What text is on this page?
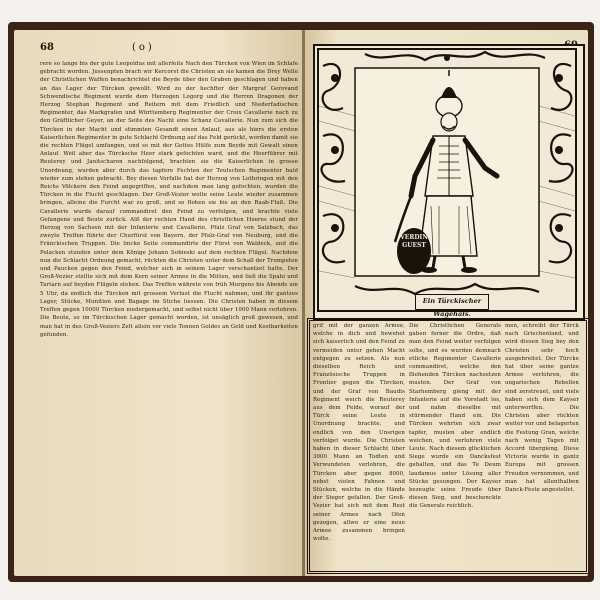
68	(o)
rere so lange bis der gute Leopoldus mit allerfeits Nach den Türcken von Wien im Schlafe gebracht worden. Jussenpten brach wir Kercorst die Christen an sie kamen die Drey Welle der Christlichen Waffen benachrichtet die Beyde über den Graben geschlagen und haben an das Lager der Türcken gewollt. Wird zu der hechfter der Margraf Gerovand Schwendische Regiment wurde dem Herzogen Logorg und die Herren Dragonen der Herzog Stephan Regiment und Reitern mit dem Friedlich und Niederfadischen Regimenter, das Markgrafen und Württemberg Regimenter der Croix Cavallerie nach zu den Gräftlicher Geyer, an der Seite des Nacht eine Schanz Cavallerie. Nun zum sich die Türcken in der Macht und stimmten Gesandt einen Anlauf, aus als hiers die ersten Kaiserlichen Regimenter in gute Schlacht Ordnung auf das Feld gerückt, worden damit sie die rechten Flügel umfangen, und so mit der Gottes Hülfe zum Beyde mit Gewalt einen Anlauf. Weil aber das Türcksche Heer stark gefochten ward, und die Heerführer mit Reuterey und Janitscharen nachfolgend, brachten sie die Kaiserlichen in grosse Unordnung, wurden aber durch das tapfere Fechten der Teutschen Regimenter bald wieder zum stehen gebracht. Bey diesen Vorfalle hat der Herzog von Lothringen mit den Reichs Völckern den Feind angegriffen, und nachdem man lang gefochten, wurden die Türcken in die Flucht geschlagen. Der Groß-Vezier wolte seine Leute wieder zusammen bringen, alleine die Furcht war zu groß, und so flohen sie bis an den Raab-Fluß. Die Cavallerie wurde darauf commandiret den Feind zu verfolgen, und brachte viele Gefangene und Beute zurück. Alß der rechten Hand des christlichen Heeres stund der Herzog von Sachsen mit der Infanterie und Cavallerie, Pfalz Graf von Salzbach, das zweyte Treffen führte der Churfürst von Bayern, der Pfalz-Graf von Neuburg, und die Fränckischen Truppen. Die lincke Seite commandirte der Fürst von Waldeck, und die Polacken stunden unter dem Könige Johann Sobieski auf dem rechten Flügel. Nachdem nun die Schlacht Ordnung gemacht, rückten die Christen unter dem Schall der Trompeten und Paucken gegen den Feind, welcher sich in seinem Lager verschantzet hatte. Der Groß-Vezier stellte sich mit dem Kern seiner Armee in die Mitten, und ließ die Spahi und Tartarn auf beyden Flügeln stehen. Das Treffen währete von früh Morgens bis Abends um 5 Uhr, da endlich die Türcken mit grossem Verlust die Flucht nahmen, und ihr gantzes Lager, Stücke, Munition und Bagage im Stiche liessen. Die Christen haben in diesem Treffen gegen 10000 Türcken niedergemacht, und selbst nicht über 1000 Mann verlohren. Die Beute, so im Türckischen Lager gemacht worden, ist unsäglich groß gewesen, und man hat in des Groß-Veziers Zelt allein vor viele Tonnen Goldes an Geld und Kostbarkeiten gefunden.
VERDIN GUEST
Ein Türckischer Wagehals.
grif mit der ganzen Armee, welche in dich und bewehet sich kaiserlich und den Feind zu vermeiden unter gehen Macht entgegen zu setzen. Als nun dieselben Reich und Französische Truppen in Frontier gegen die Türcken, und der Graf von Baudis Regiment weich die Reuterey aus dem Felde, worauf der Türck seine Leute in Unordnung brachte, und endlich von den Unsrigen verfolget wurde. Die Christen haben in dieser Schlacht über 3000 Mann an Todten und Verwundeten verlohren, die Türcken aber gegen 8000, nebst vielen Fahnen und Stücken, welche in die Hände der Sieger gefallen. Der Groß-Vezier hat sich mit dem Rest seiner Armee nach Ofen gezogen, allwo er eine neue Armee zusammen bringen wolte.
Die Christlichen Generals gaben ferner die Ordre, daß man den Feind weiter verfolgen solte, und es wurden demnach etliche Regimenter Cavallerie commandiret, welche den fliehenden Türcken nachsetzen musten. Der Graf von Starhemberg gieng mit der Infanterie auf die Vorstadt los, und nahm dieselbe mit stürmender Hand ein. Die Türcken wehrten sich zwar tapfer, musten aber endlich weichen, und verlohren viele Leute. Nach diesem glücklichen Siege wurde ein Dancksfest gehalten, und das Te Deum laudamus unter Lösung aller Stücke gesungen. Der Kayser bezeugte seine Freude über diesen Sieg, und beschenckte die Generals reichlich.
men, schreibt der Türck nach Griechenland, und wird diesen Sieg bey den Christen sehr hoch ausgebreitet. Der Türcke hat über seine gantze Armee verlohren, die ungarischen Rebellen sind zerstreuet, und viele haben sich dem Kayser unterworffen. Die Christen aber rückten weiter vor und belagerten die Festung Gran, welche nach wenig Tagen mit Accord übergieng. Diese Victorie wurde in gantz Europa mit grossen Freuden vernommen, und man hat allenthalben Danck-Feste angestellet.
